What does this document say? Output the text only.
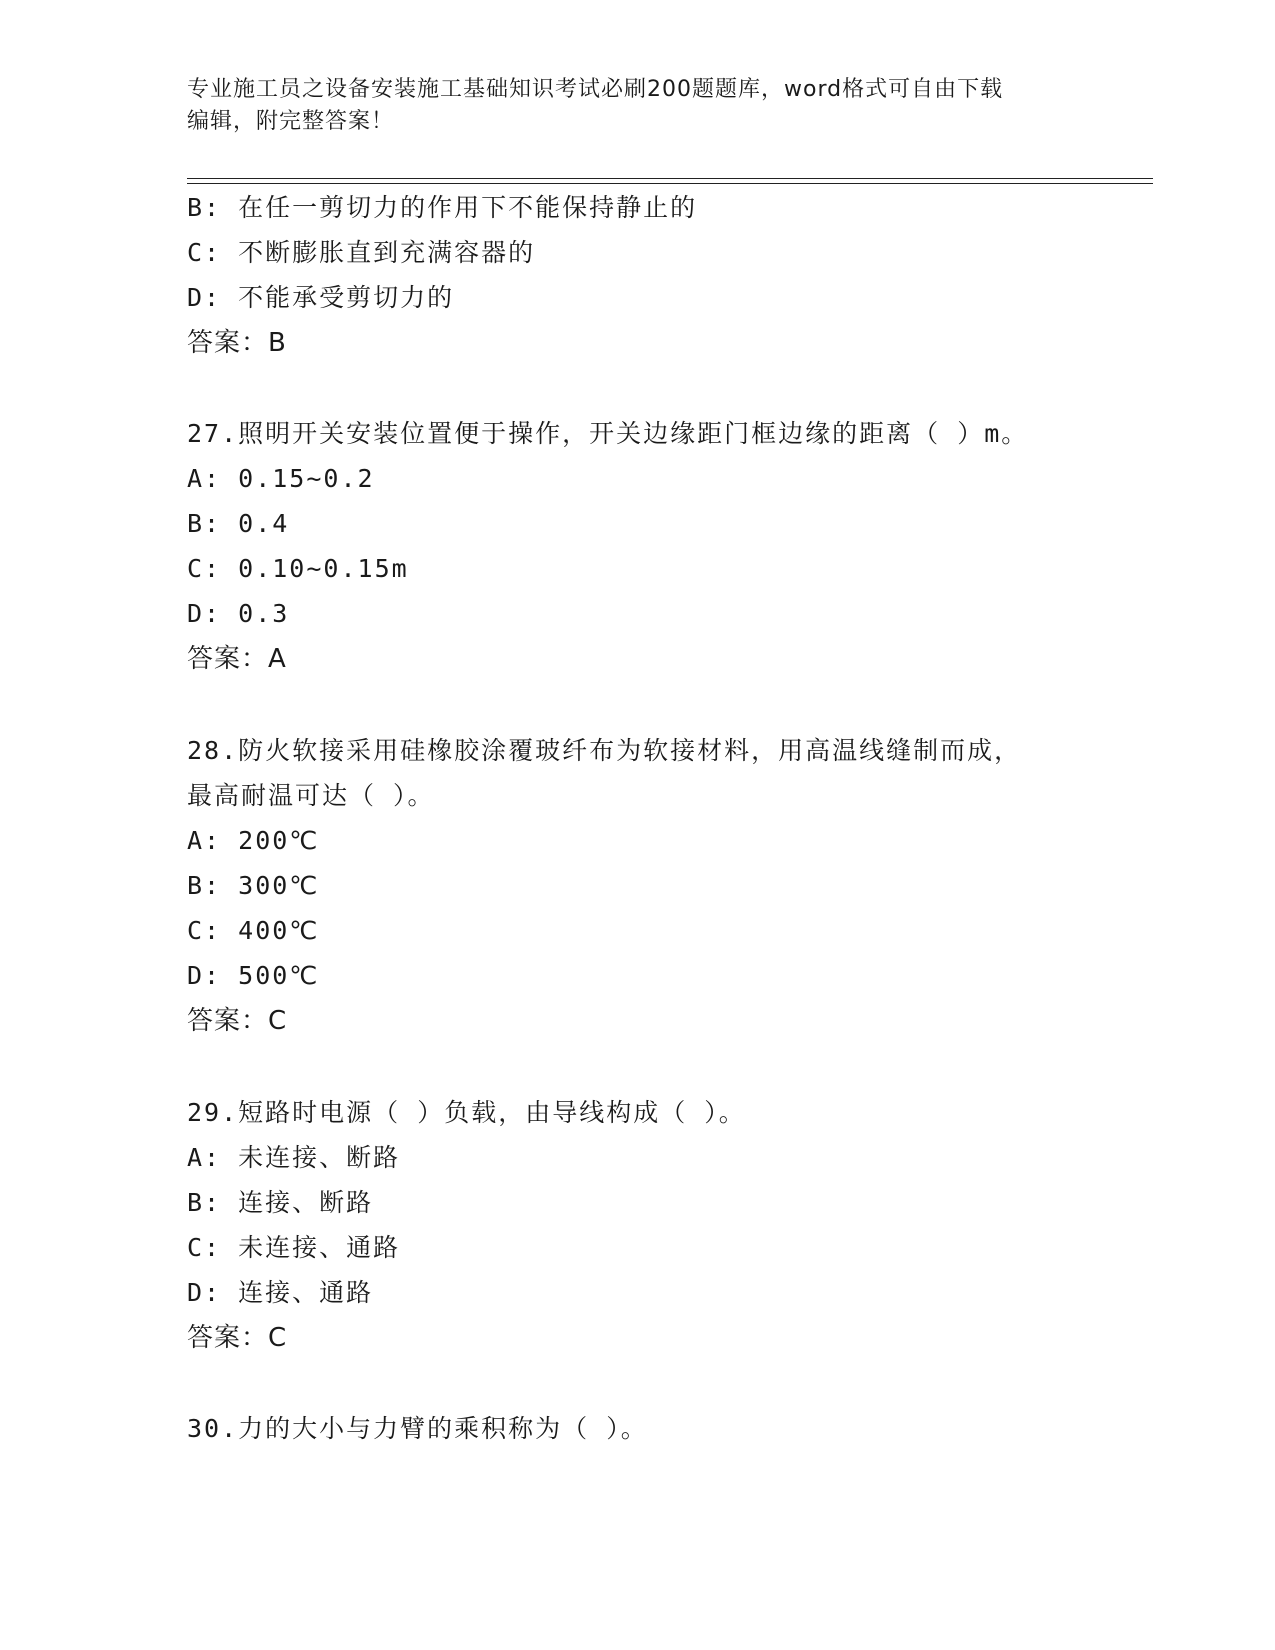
专业施工员之设备安装施工基础知识考试必刷200题题库，word格式可自由下载
编辑，附完整答案！
B: 在任一剪切力的作用下不能保持静止的
C: 不断膨胀直到充满容器的
D: 不能承受剪切力的
答案：B
27.照明开关安装位置便于操作，开关边缘距门框边缘的距离（ ）m。
A: 0.15~0.2
B: 0.4
C: 0.10~0.15m
D: 0.3
答案：A
28.防火软接采用硅橡胶涂覆玻纤布为软接材料，用高温线缝制而成，
最高耐温可达（ ）。
A: 200℃
B: 300℃
C: 400℃
D: 500℃
答案：C
29.短路时电源（ ）负载，由导线构成（ ）。
A: 未连接、断路
B: 连接、断路
C: 未连接、通路
D: 连接、通路
答案：C
30.力的大小与力臂的乘积称为（ ）。
